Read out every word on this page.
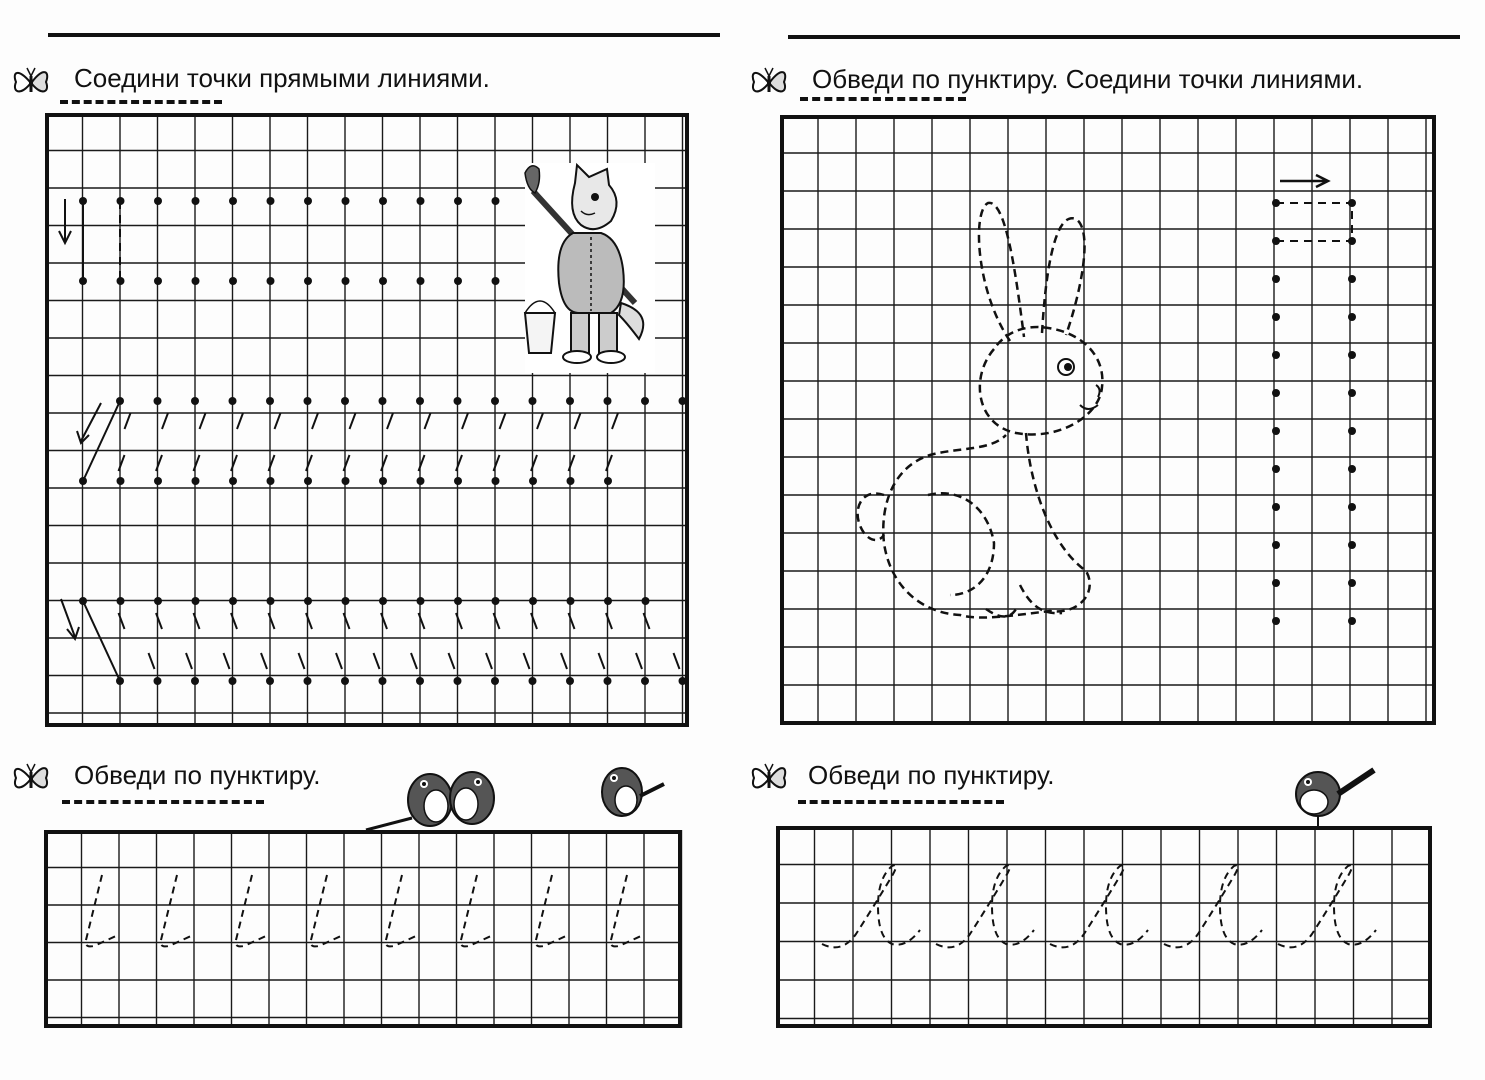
Соедини точки прямыми линиями.
Обведи по пунктиру.
Обведи по пунктиру. Соедини точки линиями.
Обведи по пунктиру.
